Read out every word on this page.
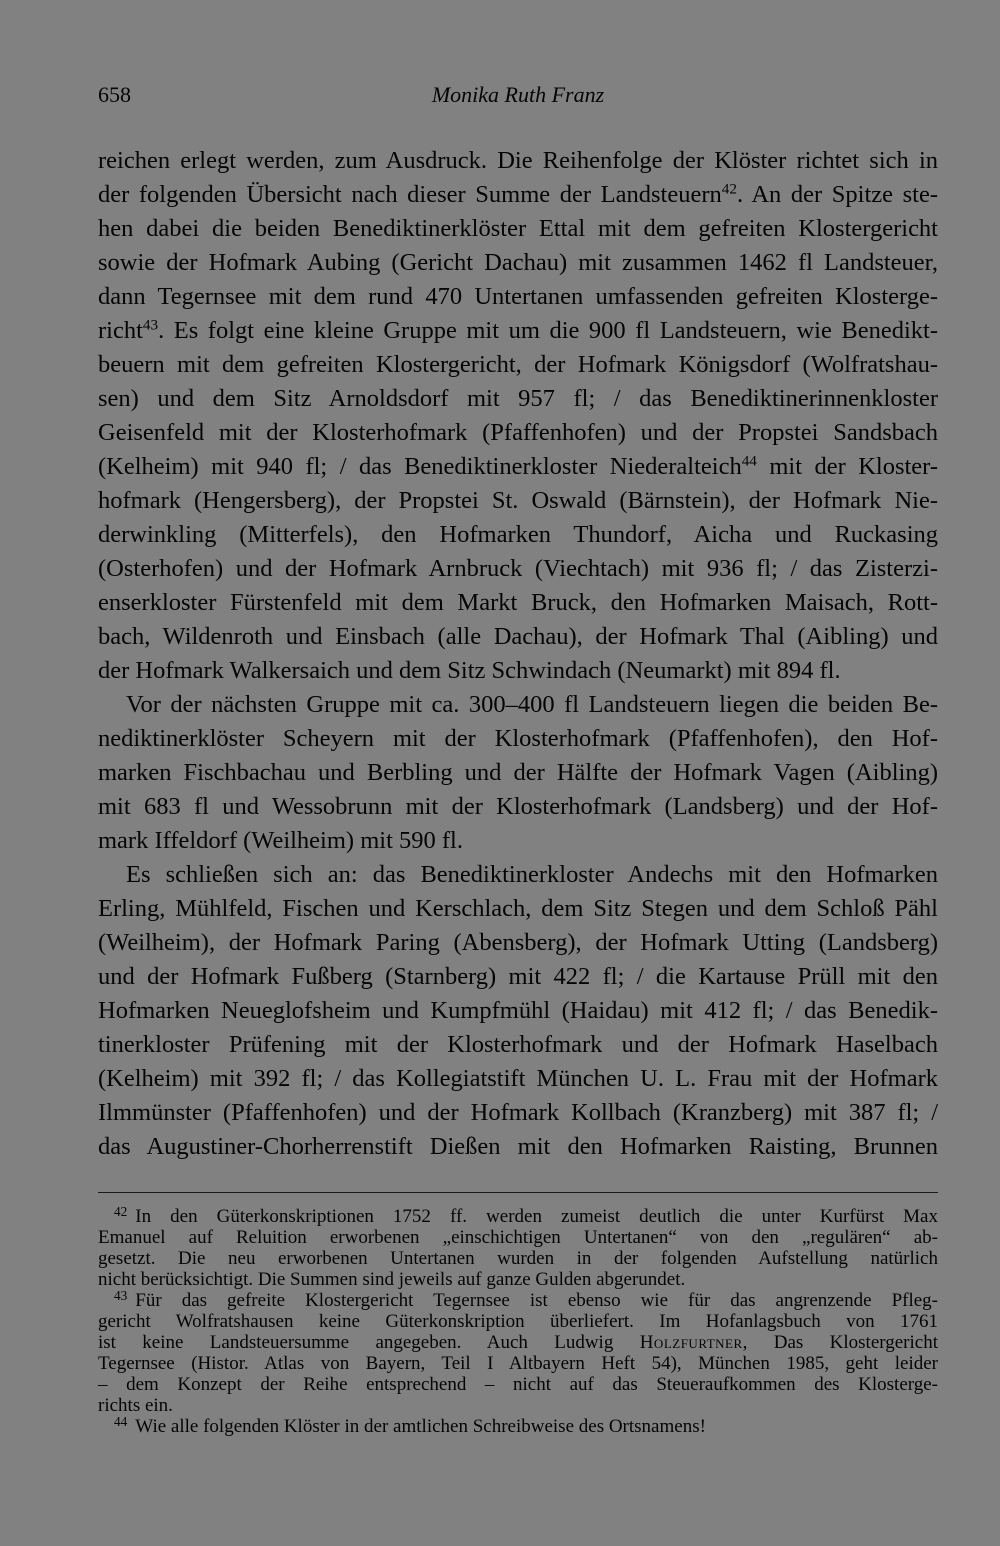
658	Monika Ruth Franz
reichen erlegt werden, zum Ausdruck. Die Reihenfolge der Klöster richtet sich in
der folgenden Übersicht nach dieser Summe der Landsteuern$^{42}$. An der Spitze ste-
hen dabei die beiden Benediktinerklöster Ettal mit dem gefreiten Klostergericht
sowie der Hofmark Aubing (Gericht Dachau) mit zusammen 1462 fl Landsteuer,
dann Tegernsee mit dem rund 470 Untertanen umfassenden gefreiten Klosterge-
richt$^{43}$. Es folgt eine kleine Gruppe mit um die 900 fl Landsteuern, wie Benedikt-
beuern mit dem gefreiten Klostergericht, der Hofmark Königsdorf (Wolfratshau-
sen) und dem Sitz Arnoldsdorf mit 957 fl; / das Benediktinerinnenkloster
Geisenfeld mit der Klosterhofmark (Pfaffenhofen) und der Propstei Sandsbach
(Kelheim) mit 940 fl; / das Benediktinerkloster Niederalteich$^{44}$ mit der Kloster-
hofmark (Hengersberg), der Propstei St. Oswald (Bärnstein), der Hofmark Nie-
derwinkling (Mitterfels), den Hofmarken Thundorf, Aicha und Ruckasing
(Osterhofen) und der Hofmark Arnbruck (Viechtach) mit 936 fl; / das Zisterzi-
enserkloster Fürstenfeld mit dem Markt Bruck, den Hofmarken Maisach, Rott-
bach, Wildenroth und Einsbach (alle Dachau), der Hofmark Thal (Aibling) und
der Hofmark Walkersaich und dem Sitz Schwindach (Neumarkt) mit 894 fl.
Vor der nächsten Gruppe mit ca. 300–400 fl Landsteuern liegen die beiden Be-
nediktinerklöster Scheyern mit der Klosterhofmark (Pfaffenhofen), den Hof-
marken Fischbachau und Berbling und der Hälfte der Hofmark Vagen (Aibling)
mit 683 fl und Wessobrunn mit der Klosterhofmark (Landsberg) und der Hof-
mark Iffeldorf (Weilheim) mit 590 fl.
Es schließen sich an: das Benediktinerkloster Andechs mit den Hofmarken
Erling, Mühlfeld, Fischen und Kerschlach, dem Sitz Stegen und dem Schloß Pähl
(Weilheim), der Hofmark Paring (Abensberg), der Hofmark Utting (Landsberg)
und der Hofmark Fußberg (Starnberg) mit 422 fl; / die Kartause Prüll mit den
Hofmarken Neueglofsheim und Kumpfmühl (Haidau) mit 412 fl; / das Benedik-
tinerkloster Prüfening mit der Klosterhofmark und der Hofmark Haselbach
(Kelheim) mit 392 fl; / das Kollegiatstift München U. L. Frau mit der Hofmark
Ilmmünster (Pfaffenhofen) und der Hofmark Kollbach (Kranzberg) mit 387 fl; /
das Augustiner-Chorherrenstift Dießen mit den Hofmarken Raisting, Brunnen
$^{42}$ In den Güterkonskriptionen 1752 ff. werden zumeist deutlich die unter Kurfürst Max
Emanuel auf Reluition erworbenen „einschichtigen Untertanen“ von den „regulären“ ab-
gesetzt. Die neu erworbenen Untertanen wurden in der folgenden Aufstellung natürlich
nicht berücksichtigt. Die Summen sind jeweils auf ganze Gulden abgerundet.
$^{43}$ Für das gefreite Klostergericht Tegernsee ist ebenso wie für das angrenzende Pfleg-
gericht Wolfratshausen keine Güterkonskription überliefert. Im Hofanlagsbuch von 1761
ist keine Landsteuersumme angegeben. Auch Ludwig Holzfurtner, Das Klostergericht
Tegernsee (Histor. Atlas von Bayern, Teil I Altbayern Heft 54), München 1985, geht leider
– dem Konzept der Reihe entsprechend – nicht auf das Steueraufkommen des Klosterge-
richts ein.
$^{44}$ Wie alle folgenden Klöster in der amtlichen Schreibweise des Ortsnamens!
